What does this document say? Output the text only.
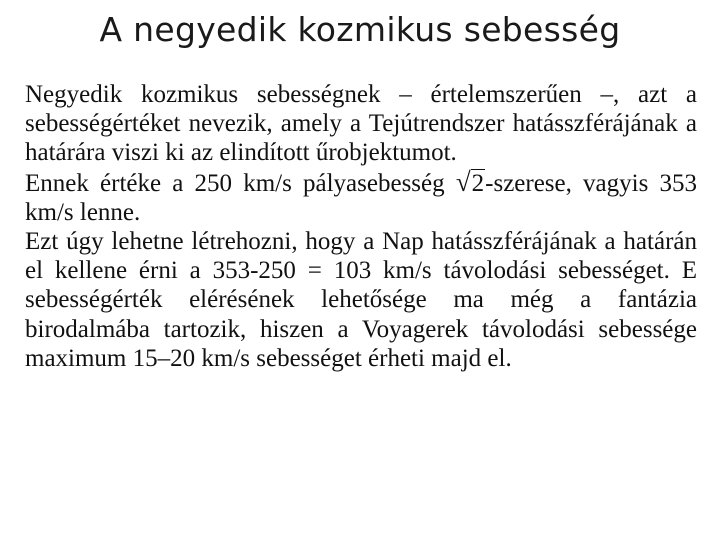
A negyedik kozmikus sebesség

Negyedik kozmikus sebességnek – értelemszerűen –, azt a sebességértéket nevezik, amely a Tejútrendszer hatásszférájának a határára viszi ki az elindított űrobjektumot.

Ennek értéke a 250 km/s pályasebesség √2-szerese, vagyis 353 km/s lenne.

Ezt úgy lehetne létrehozni, hogy a Nap hatásszférájának a határán el kellene érni a 353-250 = 103 km/s távolodási sebességet. E sebességérték elérésének lehetősége ma még a fantázia birodalmába tartozik, hiszen a Voyagerek távolodási sebessége maximum 15–20 km/s sebességet érheti majd el.
